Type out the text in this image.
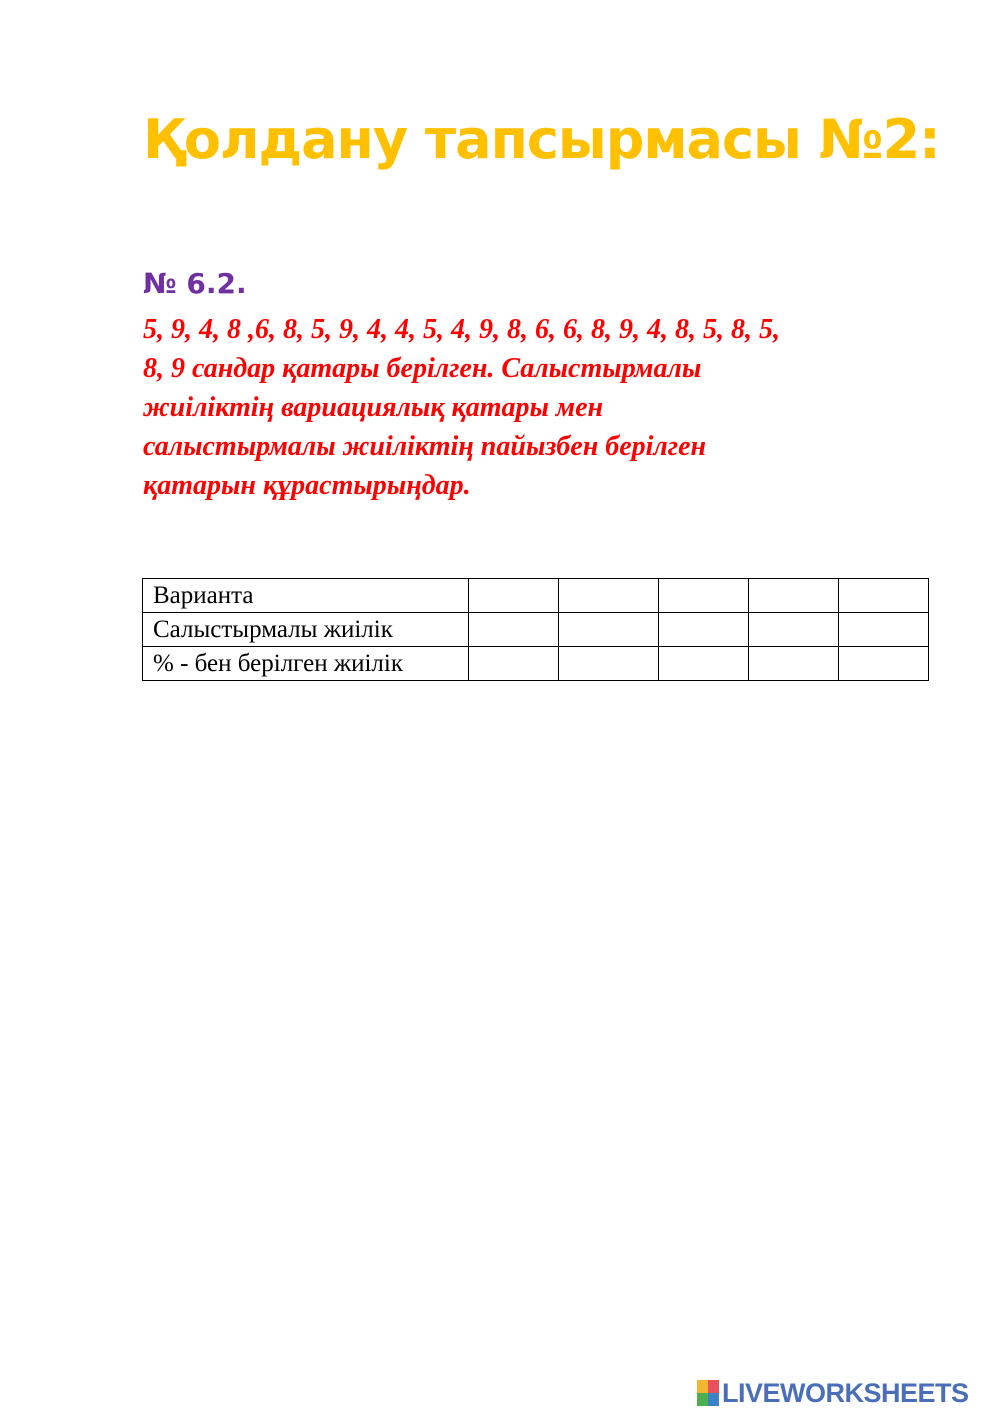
Қолдану тапсырмасы №2:
№ 6.2.
5, 9, 4, 8 ,6, 8, 5, 9, 4, 4, 5, 4, 9, 8, 6, 6, 8, 9, 4, 8, 5, 8, 5,
8, 9 сандар қатары берілген. Салыстырмалы
жиіліктің вариациялық қатары мен
салыстырмалы жиіліктің пайызбен берілген
қатарын құрастырыңдар.
Варианта					
Салыстырмалы жиілік					
% - бен берілген жиілік					
LIVEWORKSHEETS
